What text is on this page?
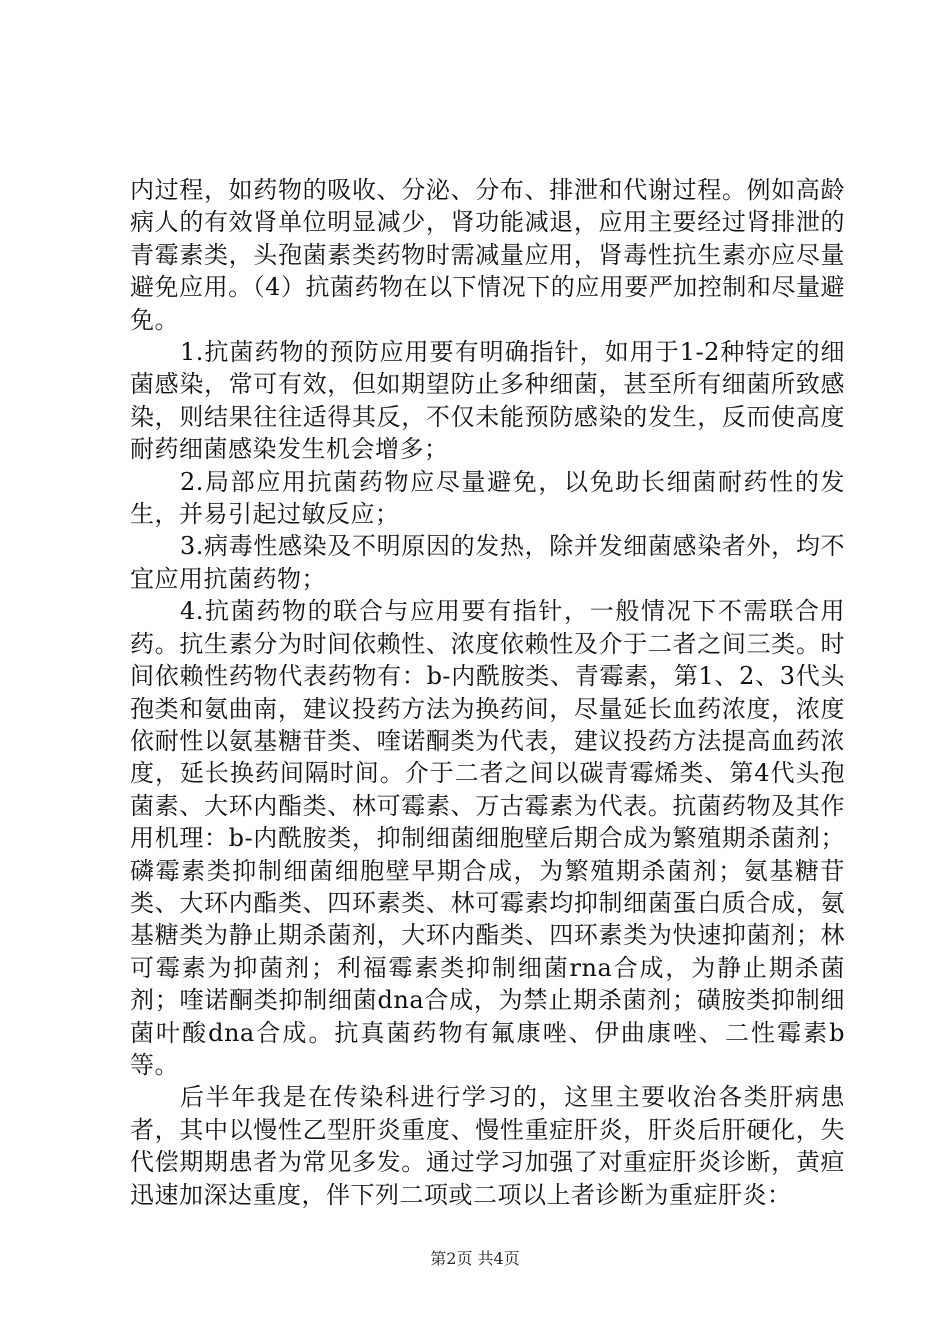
内过程，如药物的吸收、分泌、分布、排泄和代谢过程。例如高龄病人的有效肾单位明显减少，肾功能减退，应用主要经过肾排泄的青霉素类，头孢菌素类药物时需减量应用，肾毒性抗生素亦应尽量避免应用。（4）抗菌药物在以下情况下的应用要严加控制和尽量避免。

1.抗菌药物的预防应用要有明确指针，如用于1-2种特定的细菌感染，常可有效，但如期望防止多种细菌，甚至所有细菌所致感染，则结果往往适得其反，不仅未能预防感染的发生，反而使高度耐药细菌感染发生机会增多；

2.局部应用抗菌药物应尽量避免，以免助长细菌耐药性的发生，并易引起过敏反应；

3.病毒性感染及不明原因的发热，除并发细菌感染者外，均不宜应用抗菌药物；

4.抗菌药物的联合与应用要有指针，一般情况下不需联合用药。抗生素分为时间依赖性、浓度依赖性及介于二者之间三类。时间依赖性药物代表药物有：b-内酰胺类、青霉素，第1、2、3代头孢类和氨曲南，建议投药方法为换药间，尽量延长血药浓度，浓度依耐性以氨基糖苷类、喹诺酮类为代表，建议投药方法提高血药浓度，延长换药间隔时间。介于二者之间以碳青霉烯类、第4代头孢菌素、大环内酯类、林可霉素、万古霉素为代表。抗菌药物及其作用机理：b-内酰胺类，抑制细菌细胞壁后期合成为繁殖期杀菌剂；磷霉素类抑制细菌细胞壁早期合成，为繁殖期杀菌剂；氨基糖苷类、大环内酯类、四环素类、林可霉素均抑制细菌蛋白质合成，氨基糖类为静止期杀菌剂，大环内酯类、四环素类为快速抑菌剂；林可霉素为抑菌剂；利福霉素类抑制细菌rna合成，为静止期杀菌剂；喹诺酮类抑制细菌dna合成，为禁止期杀菌剂；磺胺类抑制细菌叶酸dna合成。抗真菌药物有氟康唑、伊曲康唑、二性霉素b等。

后半年我是在传染科进行学习的，这里主要收治各类肝病患者，其中以慢性乙型肝炎重度、慢性重症肝炎，肝炎后肝硬化，失代偿期期患者为常见多发。通过学习加强了对重症肝炎诊断，黄疸迅速加深达重度，伴下列二项或二项以上者诊断为重症肝炎：

第2页 共4页
